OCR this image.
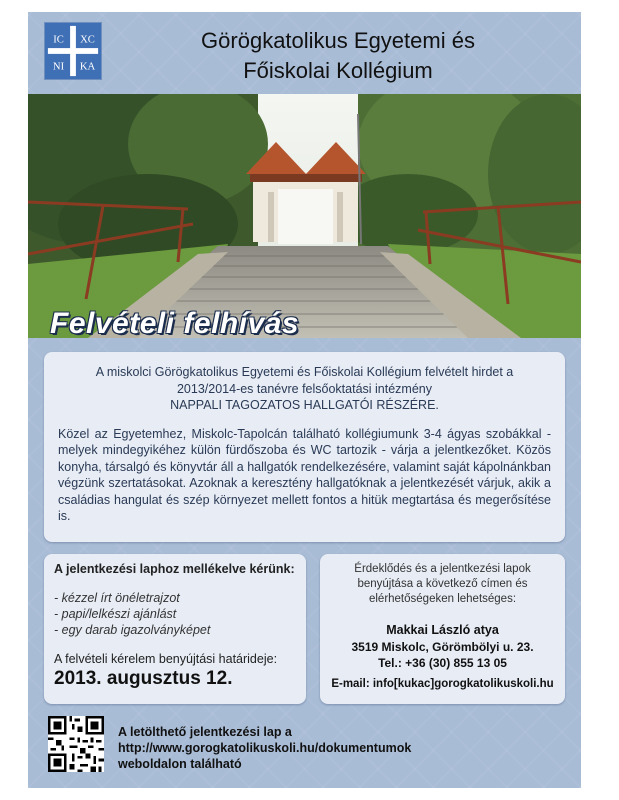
IC XC
NI KA
Görögkatolikus Egyetemi és
Főiskolai Kollégium
Felvételi felhívás
A miskolci Görögkatolikus Egyetemi és Főiskolai Kollégium felvételt hirdet a
2013/2014-es tanévre felsőoktatási intézmény
NAPPALI TAGOZATOS HALLGATÓI RÉSZÉRE.

Közel az Egyetemhez, Miskolc-Tapolcán található kollégiumunk 3-4 ágyas szobákkal - melyek mindegyikéhez külön fürdőszoba és WC tartozik - várja a jelentkezőket. Közös konyha, társalgó és könyvtár áll a hallgatók rendelkezésére, valamint saját kápolnánkban végzünk szertatásokat. Azoknak a keresztény hallgatóknak a jelentkezését várjuk, akik a családias hangulat és szép környezet mellett fontos a hitük megtartása és megerősítése is.

A jelentkezési laphoz mellékelve kérünk:
- kézzel írt önéletrajzot
- papi/lelkészi ajánlást
- egy darab igazolványképet
A felvételi kérelem benyújtási határideje:
2013. augusztus 12.
Érdeklődés és a jelentkezési lapok
benyújtása a következő címen és
elérhetőségeken lehetséges:
Makkai László atya
3519 Miskolc, Görömbölyi u. 23.
Tel.: +36 (30) 855 13 05
E-mail: info[kukac]gorogkatolikuskoli.hu
A letölthető jelentkezési lap a
http://www.gorogkatolikuskoli.hu/dokumentumok
weboldalon található
